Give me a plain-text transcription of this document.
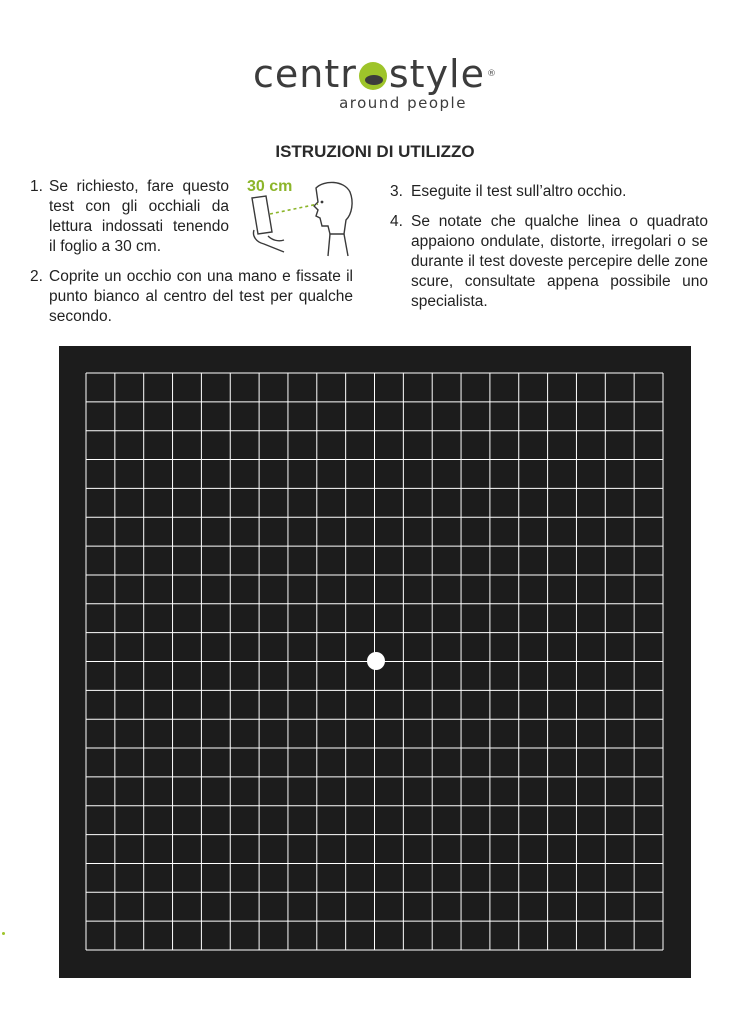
centr style ®
around people
ISTRUZIONI DI UTILIZZO
1. Se richiesto, fare questo test con gli occhiali da lettura indossati tenendo il foglio a 30 cm.
2. Coprite un occhio con una mano e fissate il punto bianco al centro del test per qualche secondo.
3. Eseguite il test sull’altro occhio.
4. Se notate che qualche linea o quadrato appaiono ondulate, distorte, irregolari o se durante il test doveste percepire delle zone scure, consultate appena possibile uno specialista.
30 cm
